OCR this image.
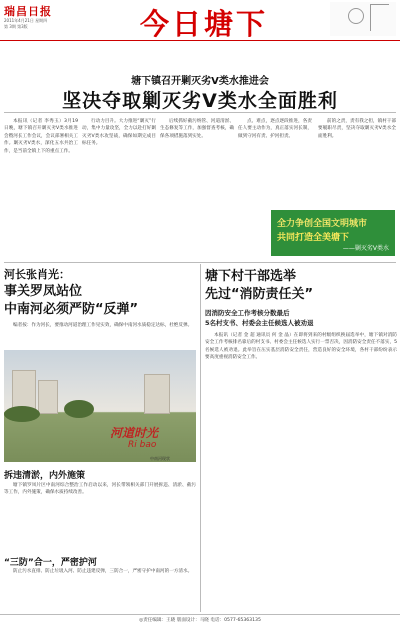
瑞昌日报
2011年4月21日 星期四
第 3期 第3版	今日塘下
塘下镇召开剿灭劣Ⅴ类水推进会
坚决夺取剿灭劣Ⅴ类水全面胜利

本报讯（记者 李秀玉）3月19日晚，塘下镇召开剿灭劣Ⅴ类水推进会暨河长工作会议，会议部署相关工作。剿灭劣Ⅴ类水，深化五水共治工作，是当前全镇上下的重点工作。

行动力目升。大力推进“剿灭”行动，集中力量攻坚，全力以赴打好剿灭劣Ⅴ类水攻坚战，确保如期完成目标任务。

后续抓好截污纳管、河道清淤、生态修复等工作，加强督查考核，确保各项措施落到实处。

点、难点，逐点逐段推进，各责任人要主动作为，真正落实河长制，做到守河有责、护河担责。

前的之责，责有我之担，镇村干部要履职尽责，坚决夺取剿灭劣Ⅴ类水全面胜利。

全力争创全国文明城市
共同打造全美塘下
——剿灭劣Ⅴ类水
河长张肖光：
事关罗凤站位
中南河必须严防“反弹”

编者按：作为河长，要推动河道治理工作见实效，确保中南河水质稳定达标，杜绝反弹。

河道时光
Ri bao
中南河现状
拆违清淤，内外施策

塘下镇罗凤片区中南河综合整治工作启动以来，河长带领相关部门开展拆违、清淤、截污等工作，内外施策，确保水质持续改善。

“三防”合一，严密护河

防止污水直排、防止垃圾入河、防止违建反弹，三防合一，严密守护中南河的一方清水。

塘下村干部选举
先过“消防责任关”
因消防安全工作考核分数最后
5名村支书、村委会主任候选人被劝退

本报讯（记者 金 超 通讯员 何 金 晶）在即将到来的村级组织换届选举中，塘下镇对消防安全工作考核排名靠后的村支书、村委会主任候选人实行一票否决，因消防安全责任不落实，5名候选人被劝退。此举旨在压实基层消防安全责任，营造良好的安全环境，各村干部纷纷表示要高度重视消防安全工作。

◎责任编辑：王晓 版面设计：马晓 电话：0577-65363135
